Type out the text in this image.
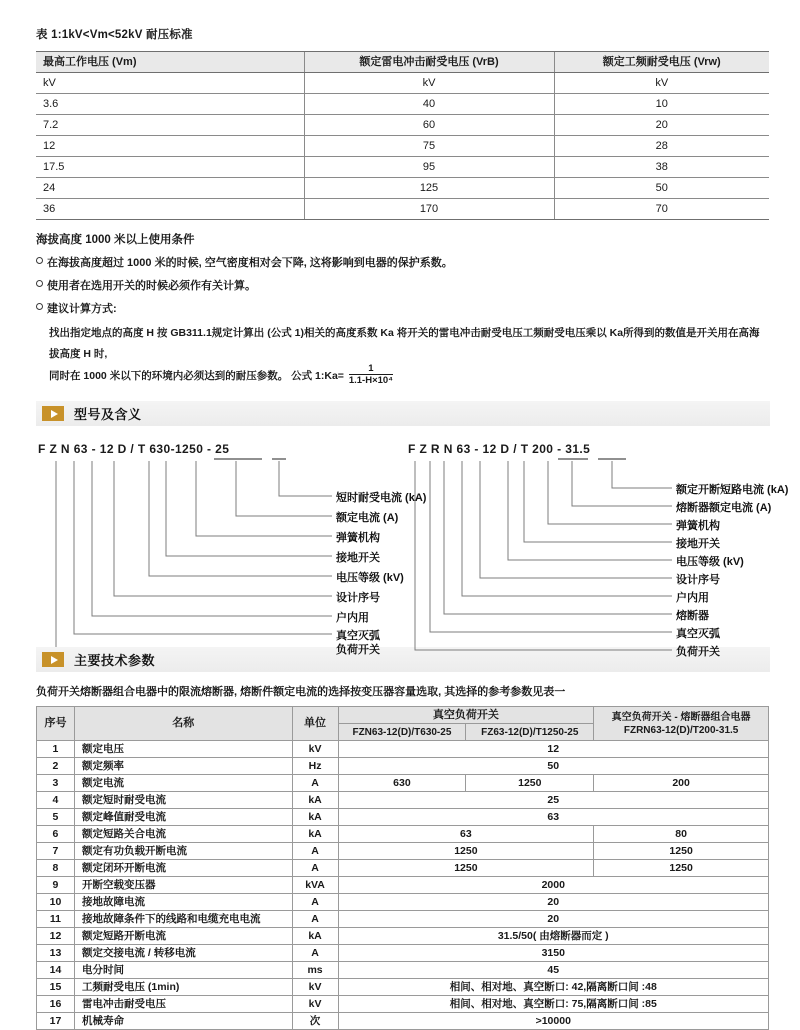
表 1:1kV<Vm<52kV 耐压标准
最高工作电压 (Vm)	额定雷电冲击耐受电压 (VrB)	额定工频耐受电压 (Vrw)
kV	kV	kV
3.6	40	10
7.2	60	20
12	75	28
17.5	95	38
24	125	50
36	170	70
海拔高度 1000 米以上使用条件
在海拔高度超过 1000 米的时候, 空气密度相对会下降, 这将影响到电器的保护系数。
使用者在选用开关的时候必须作有关计算。
建议计算方式:
找出指定地点的高度 H 按 GB311.1规定计算出 (公式 1)相关的高度系数 Ka 将开关的雷电冲击耐受电压工频耐受电压乘以 Ka所得到的数值是开关用在高海拔高度 H 时,
同时在 1000 米以下的环境内必须达到的耐压参数。 公式 1:Ka= $\frac{1}{\text{1.1-H×10⁴}}$
型号及含义
F Z N 63 - 12 D / T 630-1250 - 25
短时耐受电流 (kA)
额定电流 (A)
弹簧机构
接地开关
电压等级 (kV)
设计序号
户内用
真空灭弧
负荷开关
F Z R N 63 - 12 D / T 200 - 31.5
额定开断短路电流 (kA)
熔断器额定电流 (A)
弹簧机构
接地开关
电压等级 (kV)
设计序号
户内用
熔断器
真空灭弧
负荷开关
主要技术参数
负荷开关熔断器组合电器中的限流熔断器, 熔断件额定电流的选择按变压器容量选取, 其选择的参考参数见表一
序号	名称	单位	真空负荷开关		真空负荷开关 - 熔断器组合电器
FZRN63-12(D)/T200-31.5

			FZN63-12(D)/T630-25	FZ63-12(D)/T1250-25	
1	额定电压	kV	12		
2	额定频率	Hz	50		
3	额定电流	A	630	1250	200
4	额定短时耐受电流	kA	25		
5	额定峰值耐受电流	kA	63		
6	额定短路关合电流	kA	63		80
7	额定有功负载开断电流	A	1250		1250
8	额定闭环开断电流	A	1250		1250
9	开断空载变压器	kVA	2000		
10	接地故障电流	A	20		
11	接地故障条件下的线路和电缆充电电流	A	20		
12	额定短路开断电流	kA	31.5/50( 由熔断器而定 )		
13	额定交接电流 / 转移电流	A	3150		
14	电分时间	ms	45		
15	工频耐受电压 (1min)	kV	相间、相对地、真空断口: 42,隔离断口间 :48		
16	雷电冲击耐受电压	kV	相间、相对地、真空断口: 75,隔离断口间 :85		
17	机械寿命	次	>10000		
